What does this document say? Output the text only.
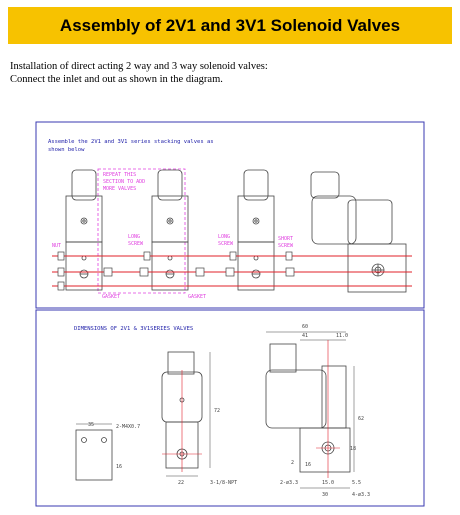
Assembly of 2V1 and 3V1 Solenoid Valves
Installation of direct acting 2 way and 3 way solenoid valves:
Connect the inlet and out as shown in the diagram.
Assemble the 2V1 and 3V1 series stacking valves as
shown below
REPEAT THIS
SECTION TO ADD
MORE VALVES
NUT
LONG
SCREW
LONG
SCREW
SHORT
SCREW
GASKET	GASKET
DIMENSIONS OF 2V1 & 3V1SERIES VALVES
35	2-M4X0.7
16
72
22	3-1/8-NPT
60
41	11.0
62
18
2 16
2-ø3.3	15.0	5.5
30	4-ø3.3
